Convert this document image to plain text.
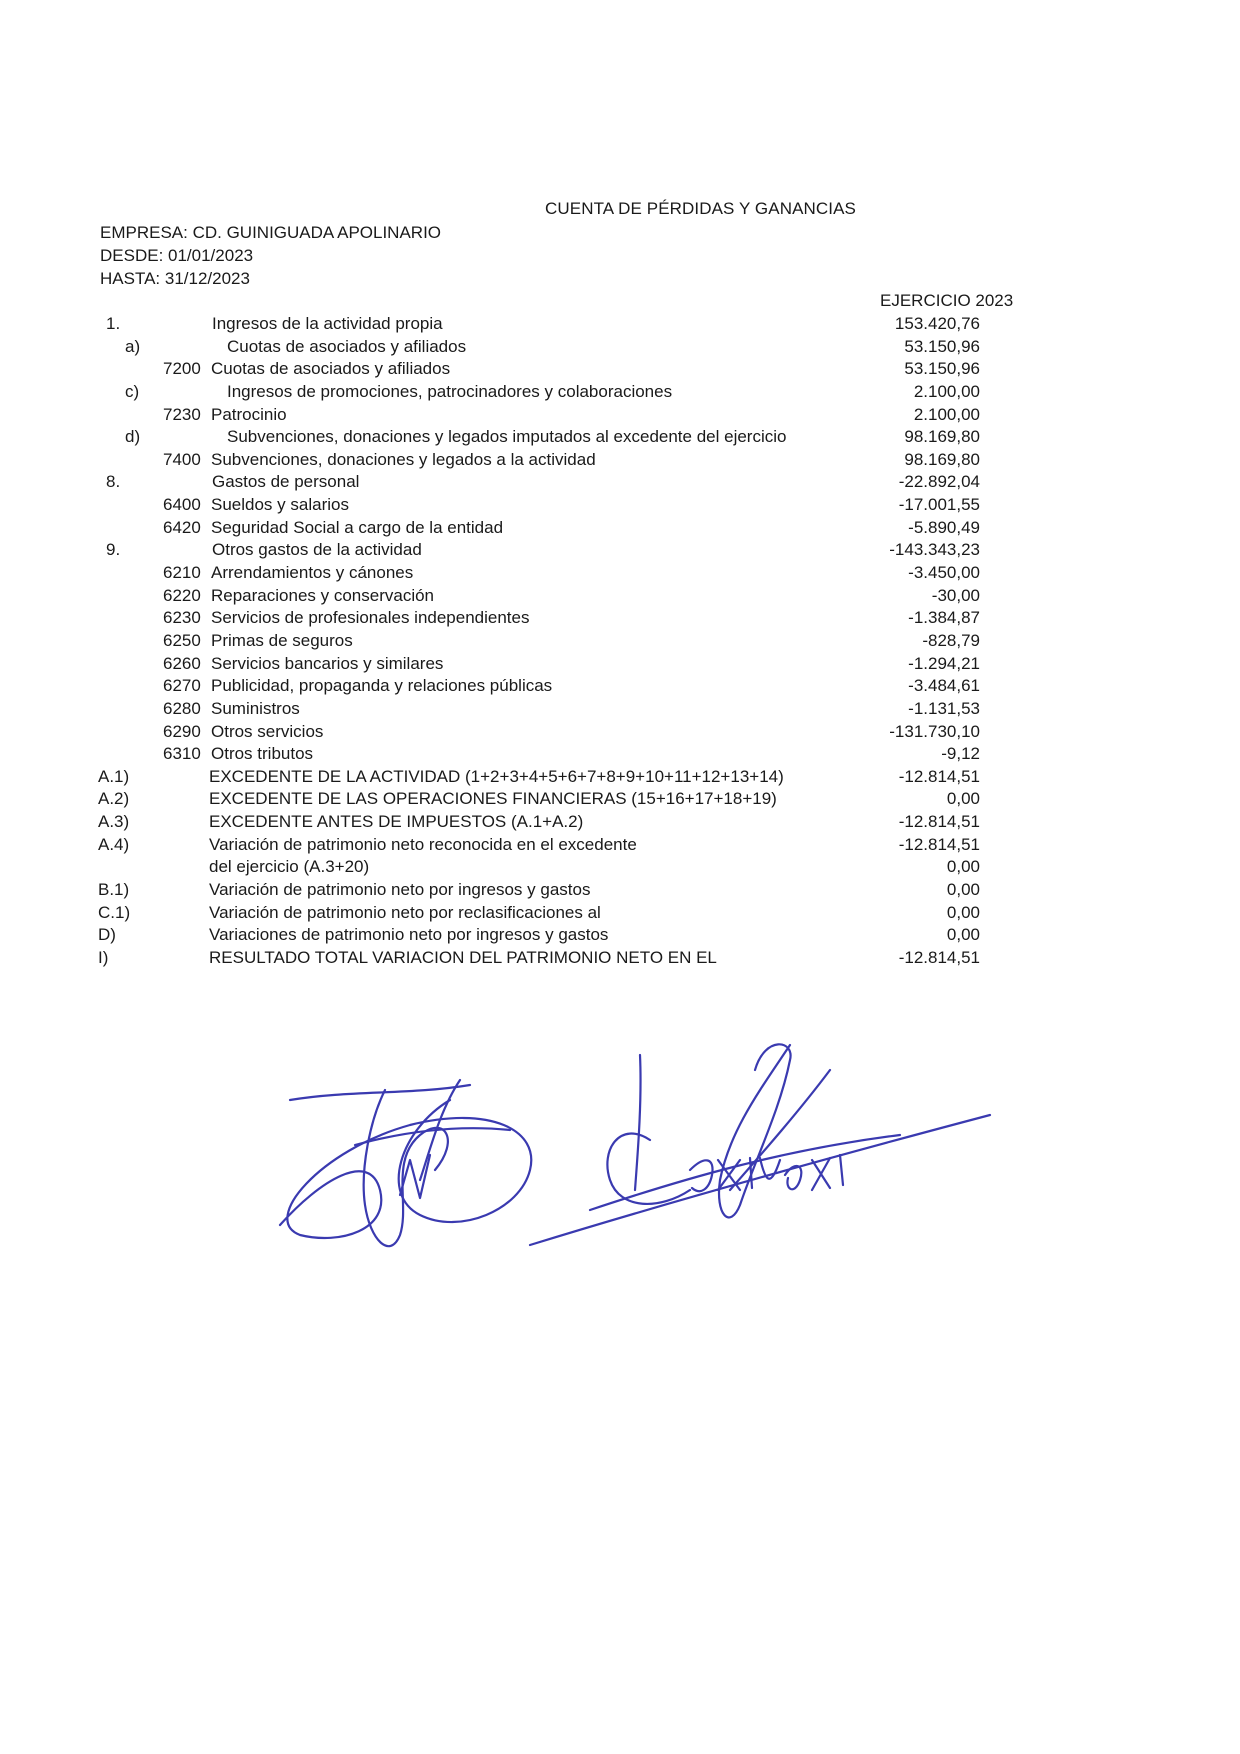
CUENTA DE PÉRDIDAS Y GANANCIAS
EMPRESA: CD. GUINIGUADA APOLINARIO
DESDE: 01/01/2023
HASTA: 31/12/2023
EJERCICIO 2023
1.	Ingresos de la actividad propia	153.420,76
a)	Cuotas de asociados y afiliados	53.150,96
7200 Cuotas de asociados y afiliados	53.150,96
c)	Ingresos de promociones, patrocinadores y colaboraciones	2.100,00
7230 Patrocinio	2.100,00
d)	Subvenciones, donaciones y legados imputados al excedente del ejercicio	98.169,80
7400 Subvenciones, donaciones y legados a la actividad	98.169,80
8.	Gastos de personal	-22.892,04
6400 Sueldos y salarios	-17.001,55
6420 Seguridad Social a cargo de la entidad	-5.890,49
9.	Otros gastos de la actividad	-143.343,23
6210 Arrendamientos y cánones	-3.450,00
6220 Reparaciones y conservación	-30,00
6230 Servicios de profesionales independientes	-1.384,87
6250 Primas de seguros	-828,79
6260 Servicios bancarios y similares	-1.294,21
6270 Publicidad, propaganda y relaciones públicas	-3.484,61
6280 Suministros	-1.131,53
6290 Otros servicios	-131.730,10
6310 Otros tributos	-9,12
A.1)	EXCEDENTE DE LA ACTIVIDAD (1+2+3+4+5+6+7+8+9+10+11+12+13+14)	-12.814,51
A.2)	EXCEDENTE DE LAS OPERACIONES FINANCIERAS (15+16+17+18+19)	0,00
A.3)	EXCEDENTE ANTES DE IMPUESTOS (A.1+A.2)	-12.814,51
A.4)	Variación de patrimonio neto reconocida en el excedente	-12.814,51
del ejercicio (A.3+20)	0,00
B.1)	Variación de patrimonio neto por ingresos y gastos	0,00
C.1)	Variación de patrimonio neto por reclasificaciones al	0,00
D)	Variaciones de patrimonio neto por ingresos y gastos	0,00
I)	RESULTADO TOTAL VARIACION DEL PATRIMONIO NETO EN EL	-12.814,51
